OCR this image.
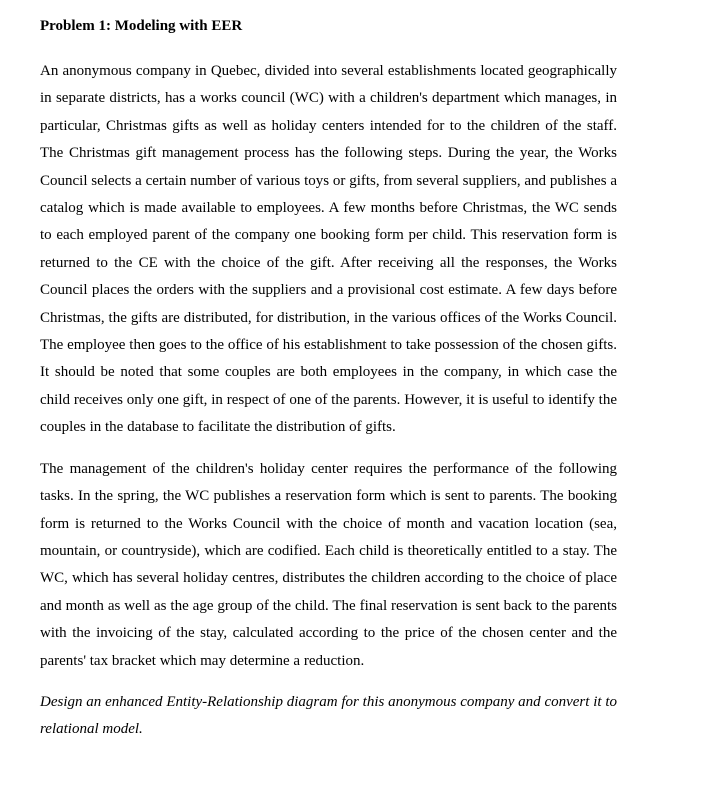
Problem 1: Modeling with EER

An anonymous company in Quebec, divided into several establishments located geographically in separate districts, has a works council (WC) with a children's department which manages, in particular, Christmas gifts as well as holiday centers intended for to the children of the staff. The Christmas gift management process has the following steps. During the year, the Works Council selects a certain number of various toys or gifts, from several suppliers, and publishes a catalog which is made available to employees. A few months before Christmas, the WC sends to each employed parent of the company one booking form per child. This reservation form is returned to the CE with the choice of the gift. After receiving all the responses, the Works Council places the orders with the suppliers and a provisional cost estimate. A few days before Christmas, the gifts are distributed, for distribution, in the various offices of the Works Council. The employee then goes to the office of his establishment to take possession of the chosen gifts. It should be noted that some couples are both employees in the company, in which case the child receives only one gift, in respect of one of the parents. However, it is useful to identify the couples in the database to facilitate the distribution of gifts.

The management of the children's holiday center requires the performance of the following tasks. In the spring, the WC publishes a reservation form which is sent to parents. The booking form is returned to the Works Council with the choice of month and vacation location (sea, mountain, or countryside), which are codified. Each child is theoretically entitled to a stay. The WC, which has several holiday centres, distributes the children according to the choice of place and month as well as the age group of the child. The final reservation is sent back to the parents with the invoicing of the stay, calculated according to the price of the chosen center and the parents' tax bracket which may determine a reduction.

Design an enhanced Entity-Relationship diagram for this anonymous company and convert it to relational model.
